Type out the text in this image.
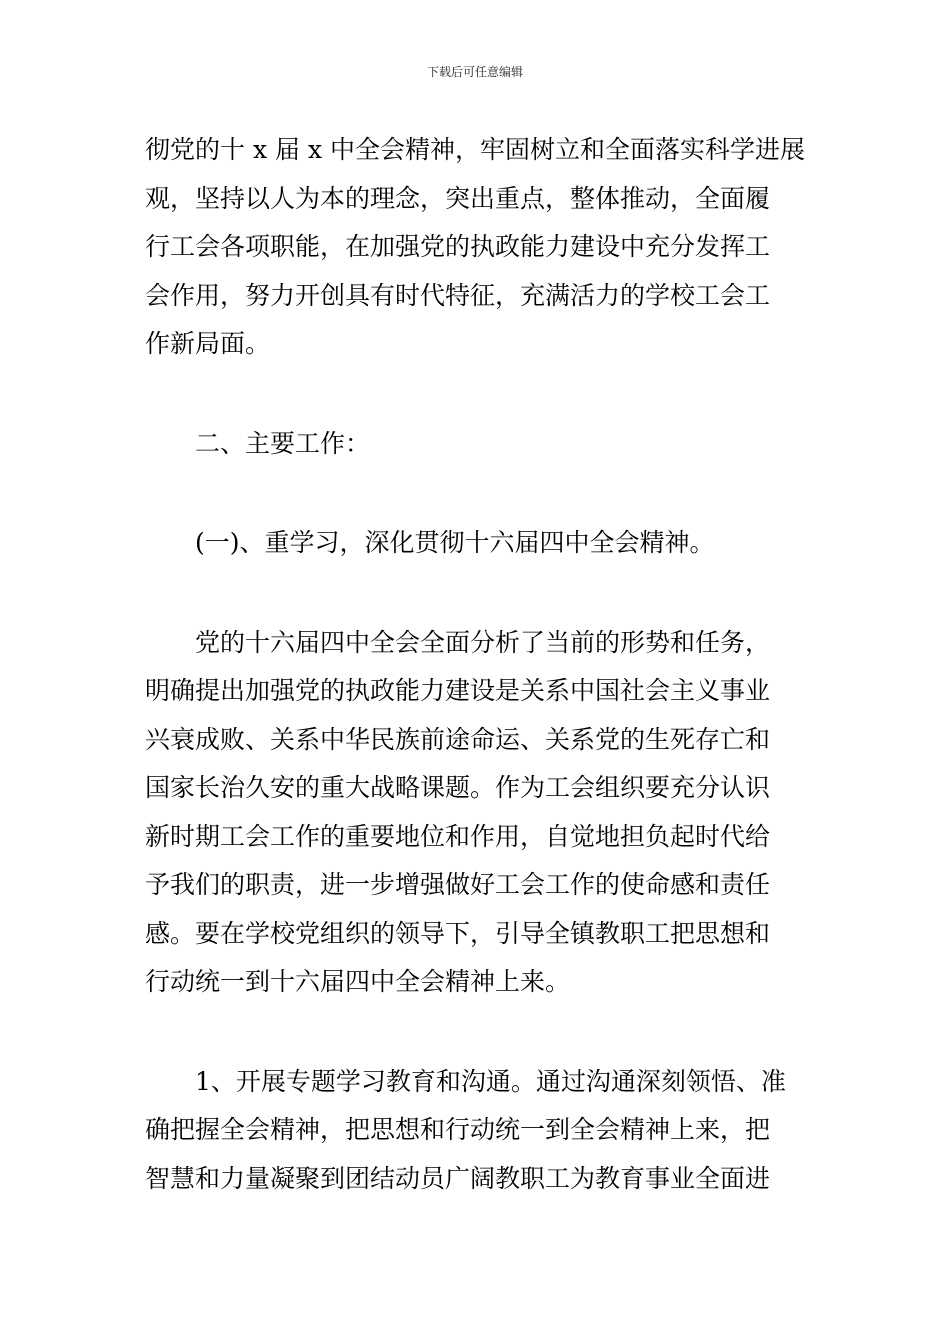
下载后可任意编辑
彻党的十 x 届 x 中全会精神，牢固树立和全面落实科学进展
观，坚持以人为本的理念，突出重点，整体推动，全面履
行工会各项职能，在加强党的执政能力建设中充分发挥工
会作用，努力开创具有时代特征，充满活力的学校工会工
作新局面。
　　二、主要工作：
　　(一)、重学习，深化贯彻十六届四中全会精神。
　　党的十六届四中全会全面分析了当前的形势和任务，
明确提出加强党的执政能力建设是关系中国社会主义事业
兴衰成败、关系中华民族前途命运、关系党的生死存亡和
国家长治久安的重大战略课题。作为工会组织要充分认识
新时期工会工作的重要地位和作用，自觉地担负起时代给
予我们的职责，进一步增强做好工会工作的使命感和责任
感。要在学校党组织的领导下，引导全镇教职工把思想和
行动统一到十六届四中全会精神上来。
　　1、开展专题学习教育和沟通。通过沟通深刻领悟、准
确把握全会精神，把思想和行动统一到全会精神上来，把
智慧和力量凝聚到团结动员广阔教职工为教育事业全面进
